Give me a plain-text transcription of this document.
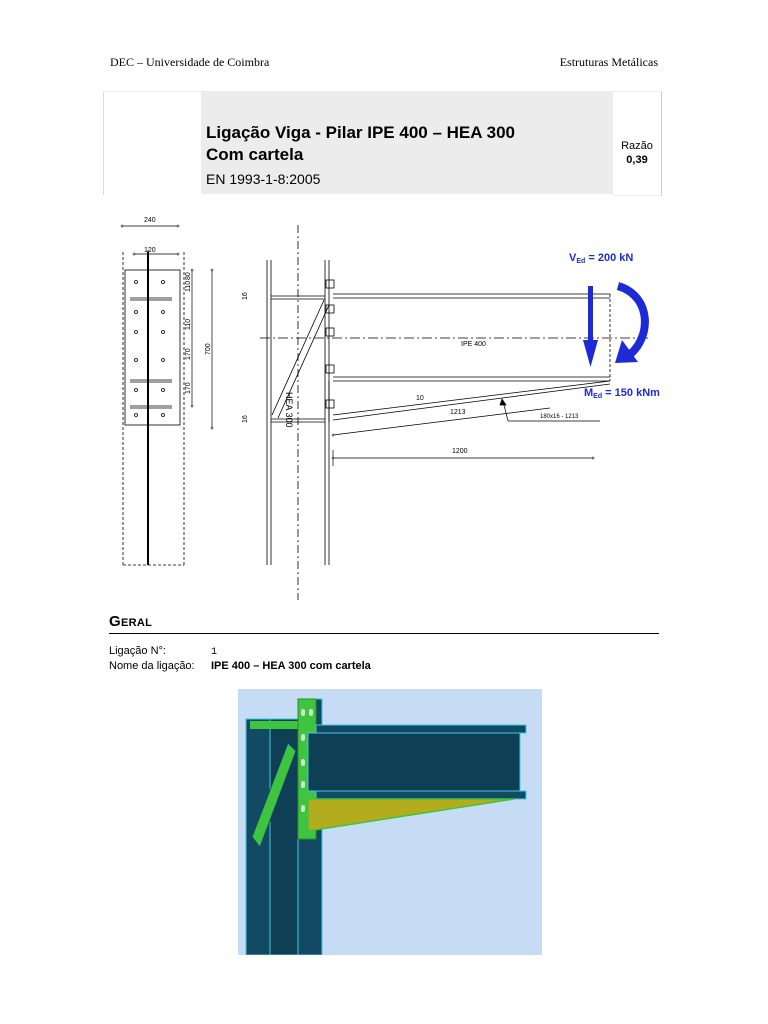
DEC – Universidade de Coimbra	Estruturas Metálicas
Ligação Viga - Pilar IPE 400 – HEA 300
Com cartela
EN 1993-1-8:2005
Razão
0,39
240
120
110
80
110
170
170
700
16
16	HEA 300
IPE 400
10
1213
180x16 - 1213
1200
VEd = 200 kN
MEd = 150 kNm
Geral
Ligação N°:	1
Nome da ligação: IPE 400 – HEA 300 com cartela
